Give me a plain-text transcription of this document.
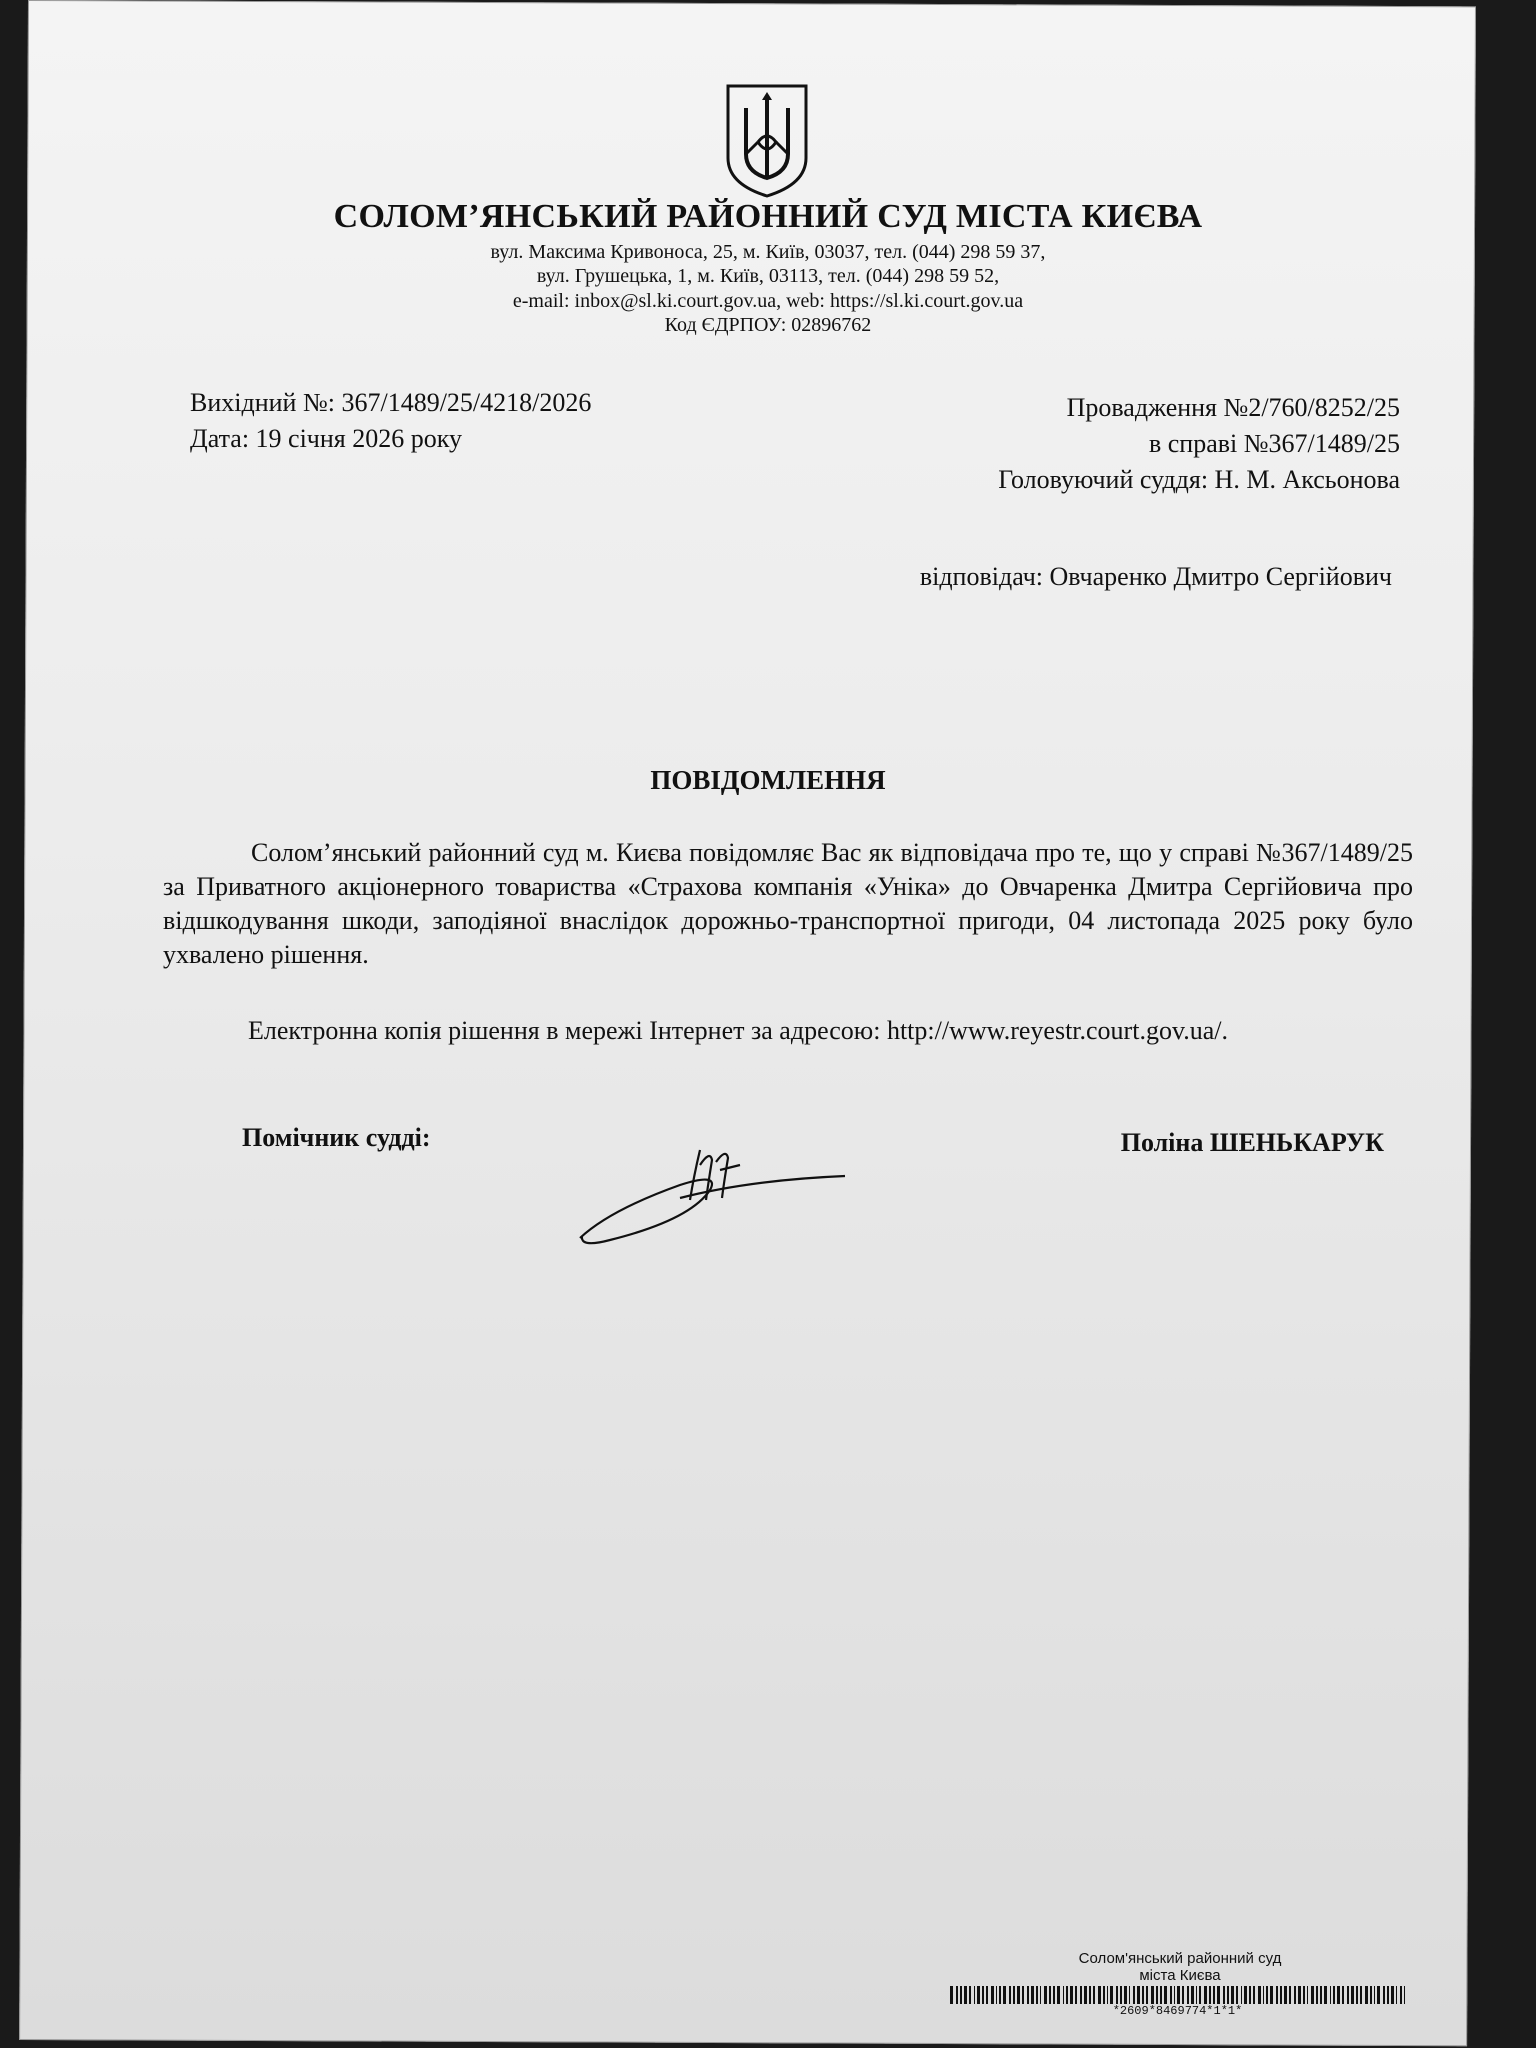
СОЛОМ’ЯНСЬКИЙ РАЙОННИЙ СУД МІСТА КИЄВА
вул. Максима Кривоноса, 25, м. Київ, 03037, тел. (044) 298 59 37,
вул. Грушецька, 1, м. Київ, 03113, тел. (044) 298 59 52,
e-mail: inbox@sl.ki.court.gov.ua, web: https://sl.ki.court.gov.ua
Код ЄДРПОУ: 02896762
Вихідний №: 367/1489/25/4218/2026
Дата: 19 січня 2026 року
Провадження №2/760/8252/25
в справі №367/1489/25
Головуючий суддя: Н. М. Аксьонова
відповідач: Овчаренко Дмитро Сергійович
ПОВІДОМЛЕННЯ
Солом’янський районний суд м. Києва повідомляє Вас як відповідача про те, що у справі №367/1489/25 за Приватного акціонерного товариства «Страхова компанія «Уніка» до Овчаренка Дмитра Сергійовича про відшкодування шкоди, заподіяної внаслідок дорожньо-транспортної пригоди, 04 листопада 2025 року було ухвалено рішення.
Електронна копія рішення в мережі Інтернет за адресою: http://www.reyestr.court.gov.ua/.
Помічник судді:	Поліна ШЕНЬКАРУК
Солом'янський районний суд
міста Києва
*2609*8469774*1*1*
